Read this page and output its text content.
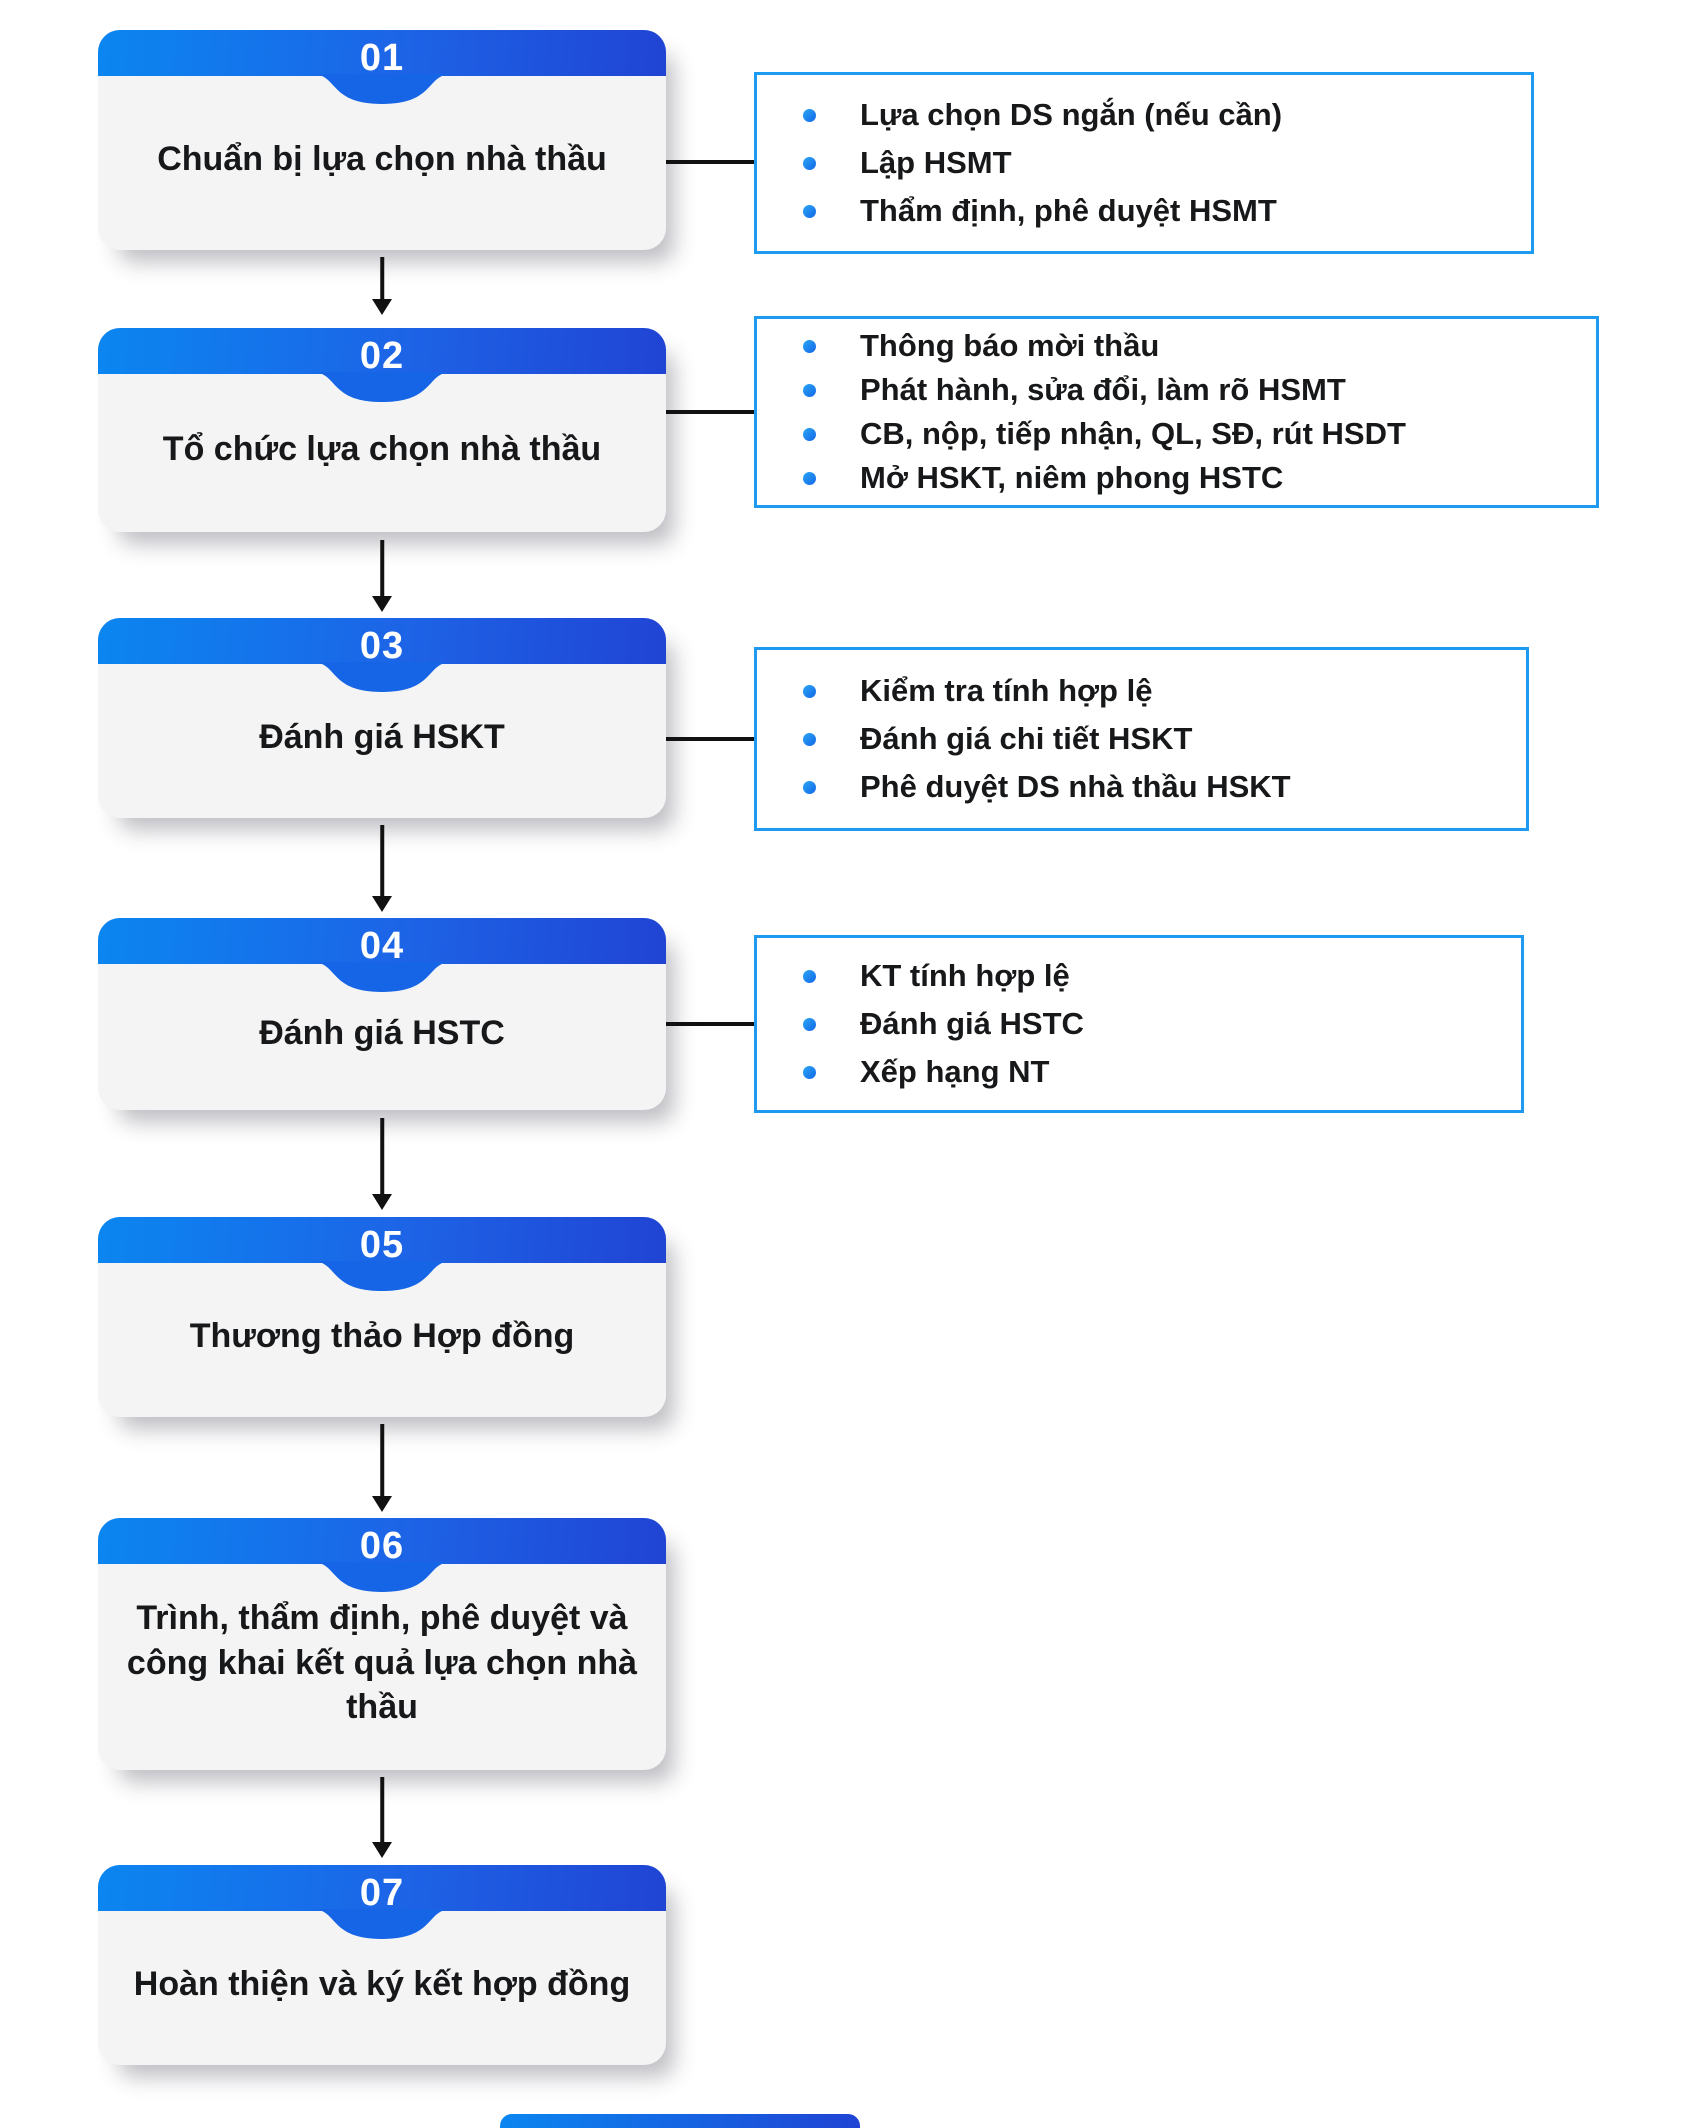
01
Chuẩn bị lựa chọn nhà thầu
02
Tổ chức lựa chọn nhà thầu
03
Đánh giá HSKT
04
Đánh giá HSTC
05
Thương thảo Hợp đồng
06
Trình, thẩm định, phê duyệt và công khai kết quả lựa chọn nhà thầu
07
Hoàn thiện và ký kết hợp đồng
Lựa chọn DS ngắn (nếu cần)
Lập HSMT
Thẩm định, phê duyệt HSMT
Thông báo mời thầu
Phát hành, sửa đổi, làm rõ HSMT
CB, nộp, tiếp nhận, QL, SĐ, rút HSDT
Mở HSKT, niêm phong HSTC
Kiểm tra tính hợp lệ
Đánh giá chi tiết HSKT
Phê duyệt DS nhà thầu HSKT
KT tính hợp lệ
Đánh giá HSTC
Xếp hạng NT
